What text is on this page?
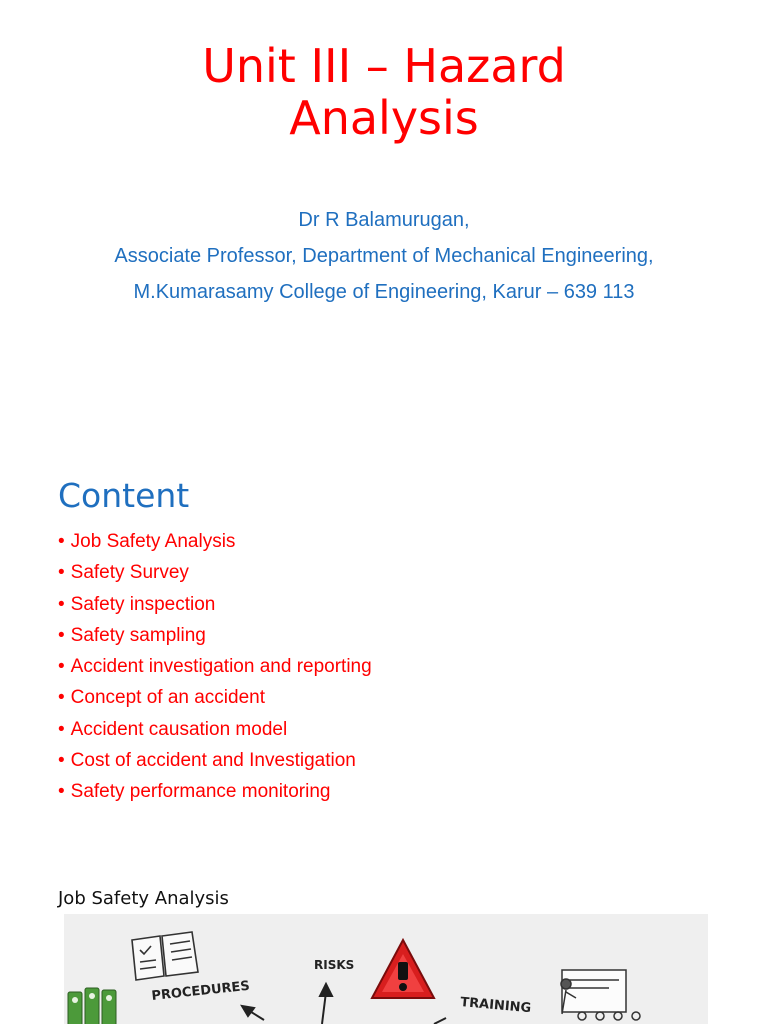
Unit III – Hazard
Analysis
Dr R Balamurugan,
Associate Professor, Department of Mechanical Engineering,
M.Kumarasamy College of Engineering, Karur – 639 113
Content
• Job Safety Analysis
• Safety Survey
• Safety inspection
• Safety sampling
• Accident investigation and reporting
• Concept of an accident
• Accident causation model
• Cost of accident and Investigation
• Safety performance monitoring
Job Safety Analysis
PROCEDURES
RISKS
TRAINING
